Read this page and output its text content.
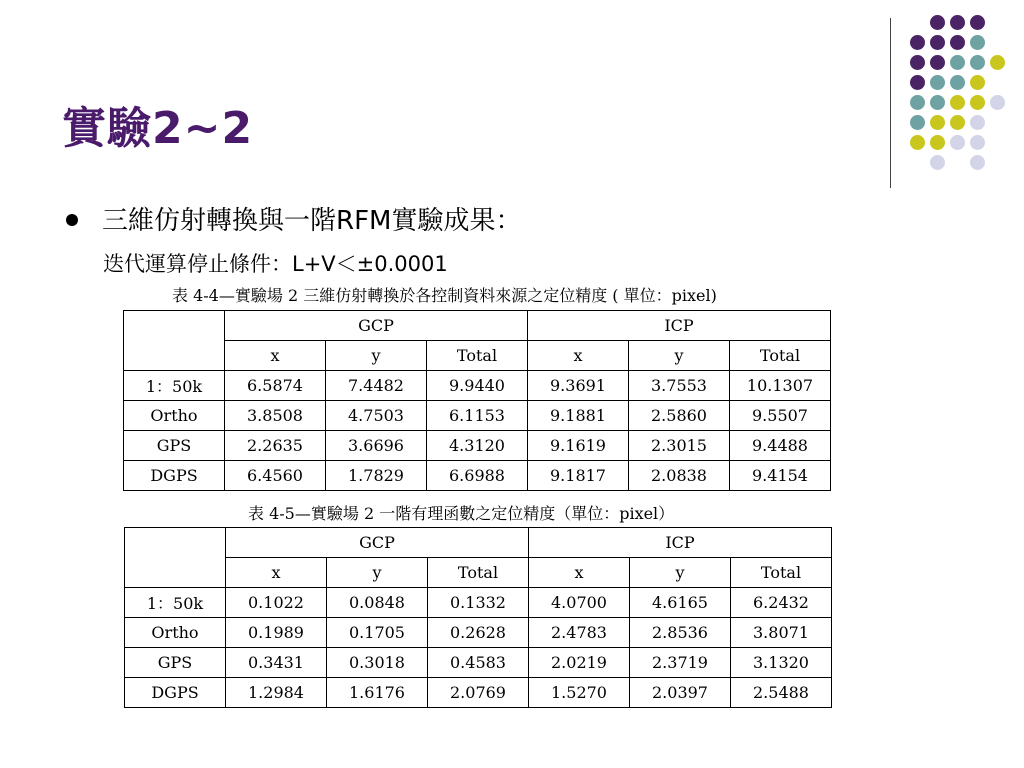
實驗2~2
三維仿射轉換與一階RFM實驗成果：
迭代運算停止條件：L+V＜±0.0001
表 4-4—實驗場 2 三維仿射轉換於各控制資料來源之定位精度 ( 單位：pixel)
	GCP			ICP		
	x	y	Total	x	y	Total
1：50k	6.5874	7.4482	9.9440	9.3691	3.7553	10.1307
Ortho	3.8508	4.7503	6.1153	9.1881	2.5860	9.5507
GPS	2.2635	3.6696	4.3120	9.1619	2.3015	9.4488
DGPS	6.4560	1.7829	6.6988	9.1817	2.0838	9.4154
表 4-5—實驗場 2 一階有理函數之定位精度（單位：pixel）
	GCP			ICP		
	x	y	Total	x	y	Total
1：50k	0.1022	0.0848	0.1332	4.0700	4.6165	6.2432
Ortho	0.1989	0.1705	0.2628	2.4783	2.8536	3.8071
GPS	0.3431	0.3018	0.4583	2.0219	2.3719	3.1320
DGPS	1.2984	1.6176	2.0769	1.5270	2.0397	2.5488
